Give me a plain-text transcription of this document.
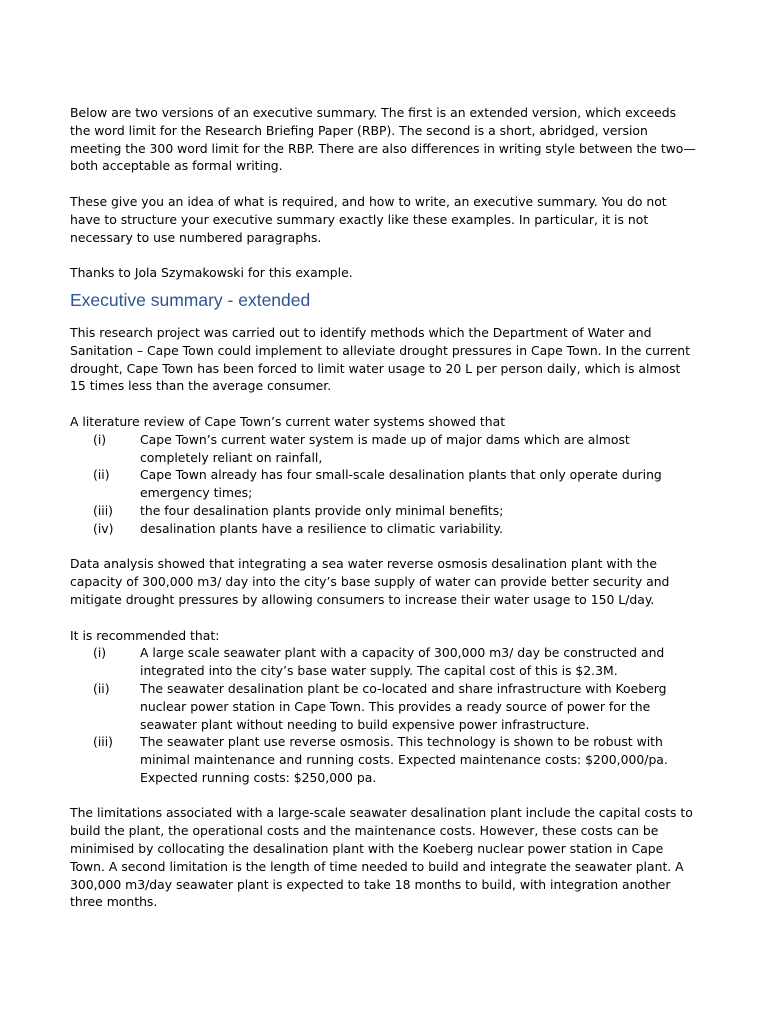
Below are two versions of an executive summary. The first is an extended version, which exceeds the word limit for the Research Briefing Paper (RBP). The second is a short, abridged, version meeting the 300 word limit for the RBP. There are also differences in writing style between the two—both acceptable as formal writing.

These give you an idea of what is required, and how to write, an executive summary. You do not have to structure your executive summary exactly like these examples. In particular, it is not necessary to use numbered paragraphs.

Thanks to Jola Szymakowski for this example.

Executive summary - extended

This research project was carried out to identify methods which the Department of Water and Sanitation – Cape Town could implement to alleviate drought pressures in Cape Town. In the current drought, Cape Town has been forced to limit water usage to 20 L per person daily, which is almost 15 times less than the average consumer.

A literature review of Cape Town’s current water systems showed that

(i)	Cape Town’s current water system is made up of major dams which are almost completely reliant on rainfall,
(ii)	Cape Town already has four small-scale desalination plants that only operate during emergency times;
(iii)	the four desalination plants provide only minimal benefits;
(iv)	desalination plants have a resilience to climatic variability.

Data analysis showed that integrating a sea water reverse osmosis desalination plant with the capacity of 300,000 m3/ day into the city’s base supply of water can provide better security and mitigate drought pressures by allowing consumers to increase their water usage to 150 L/day.

It is recommended that:

(i)	A large scale seawater plant with a capacity of 300,000 m3/ day be constructed and integrated into the city’s base water supply. The capital cost of this is $2.3M.
(ii)	The seawater desalination plant be co-located and share infrastructure with Koeberg nuclear power station in Cape Town. This provides a ready source of power for the seawater plant without needing to build expensive power infrastructure.
(iii)	The seawater plant use reverse osmosis. This technology is shown to be robust with minimal maintenance and running costs. Expected maintenance costs: $200,000/pa. Expected running costs: $250,000 pa.

The limitations associated with a large-scale seawater desalination plant include the capital costs to build the plant, the operational costs and the maintenance costs. However, these costs can be minimised by collocating the desalination plant with the Koeberg nuclear power station in Cape Town. A second limitation is the length of time needed to build and integrate the seawater plant. A 300,000 m3/day seawater plant is expected to take 18 months to build, with integration another three months.
